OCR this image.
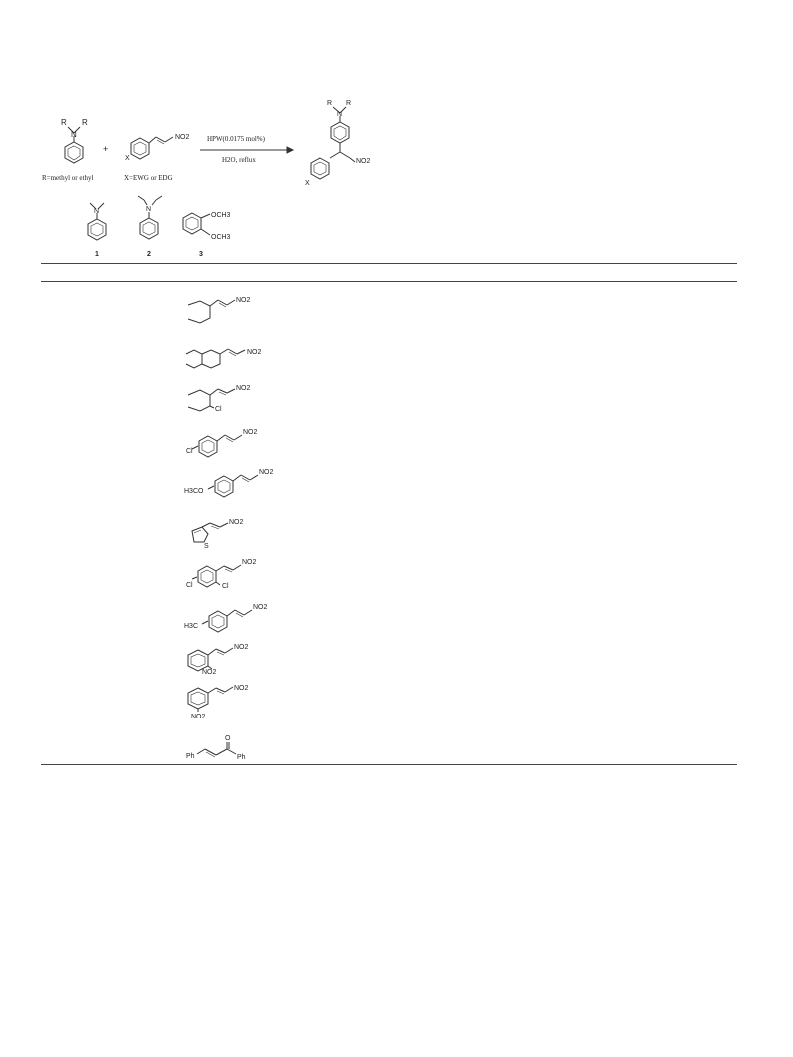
R R
N
R=methyl or ethyl
+
X
NO2
X=EWG or EDG
HPW(0.0175 mol%)
H2O, reflux
R R
N
X
NO2
N
1
N
2
OCH3
OCH3
3
NO2
NO2
NO2
Cl
Cl
NO2
H3CO
NO2
S
NO2
Cl	Cl
NO2
H3C
NO2
NO2
NO2
NO2
NO2
Ph
O
Ph
